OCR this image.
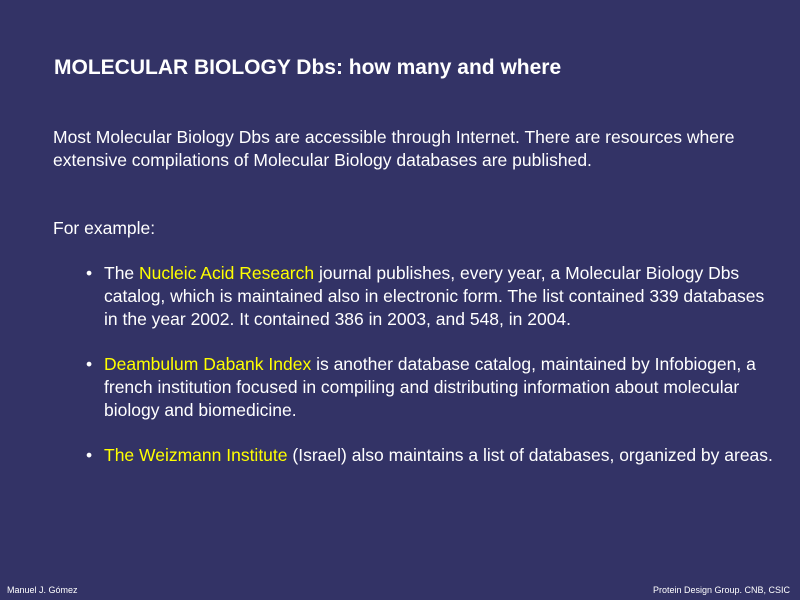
MOLECULAR BIOLOGY Dbs: how many and where

Most Molecular Biology Dbs are accessible through Internet. There are resources where extensive compilations of Molecular Biology databases are published.

For example:

• The Nucleic Acid Research journal publishes, every year, a Molecular Biology Dbs catalog, which is maintained also in electronic form. The list contained 339 databases in the year 2002. It contained 386 in 2003, and 548, in 2004.
• Deambulum Dabank Index is another database catalog, maintained by Infobiogen, a french institution focused in compiling and distributing information about molecular biology and biomedicine.
• The Weizmann Institute (Israel) also maintains a list of databases, organized by areas.
Manuel J. Gómez	Protein Design Group. CNB, CSIC
